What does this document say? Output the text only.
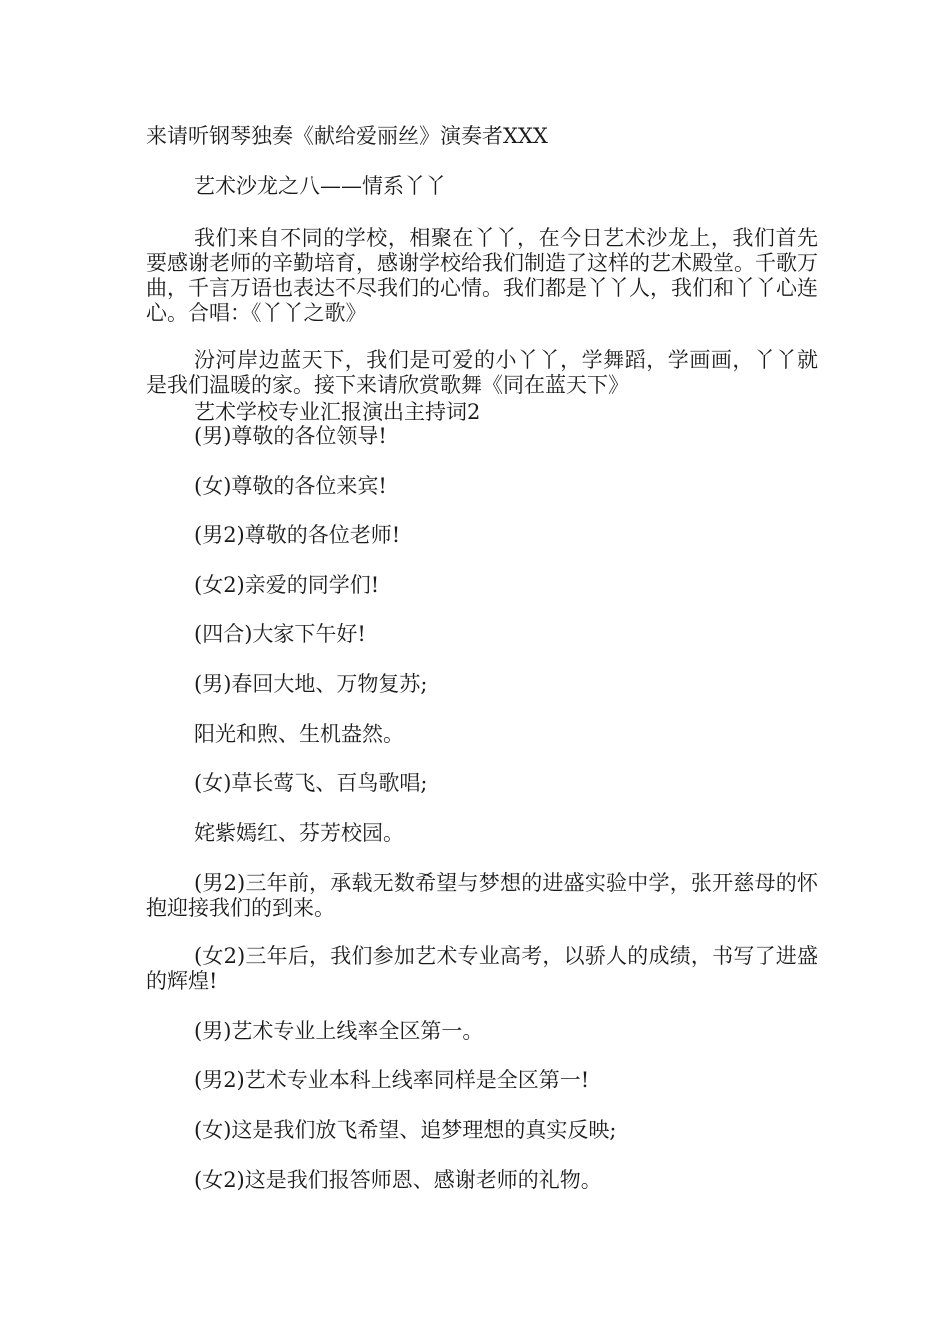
来请听钢琴独奏《献给爱丽丝》演奏者XXX
艺术沙龙之八——情系丫丫
我们来自不同的学校，相聚在丫丫，在今日艺术沙龙上，我们首先要感谢老师的辛勤培育，感谢学校给我们制造了这样的艺术殿堂。千歌万曲，千言万语也表达不尽我们的心情。我们都是丫丫人，我们和丫丫心连心。合唱：《丫丫之歌》
汾河岸边蓝天下，我们是可爱的小丫丫，学舞蹈，学画画，丫丫就是我们温暖的家。接下来请欣赏歌舞《同在蓝天下》
艺术学校专业汇报演出主持词2
(男)尊敬的各位领导!
(女)尊敬的各位来宾!
(男2)尊敬的各位老师!
(女2)亲爱的同学们!
(四合)大家下午好!
(男)春回大地、万物复苏;
阳光和煦、生机盎然。
(女)草长莺飞、百鸟歌唱;
姹紫嫣红、芬芳校园。
(男2)三年前，承载无数希望与梦想的进盛实验中学，张开慈母的怀抱迎接我们的到来。
(女2)三年后，我们参加艺术专业高考，以骄人的成绩，书写了进盛的辉煌!
(男)艺术专业上线率全区第一。
(男2)艺术专业本科上线率同样是全区第一!
(女)这是我们放飞希望、追梦理想的真实反映;
(女2)这是我们报答师恩、感谢老师的礼物。
